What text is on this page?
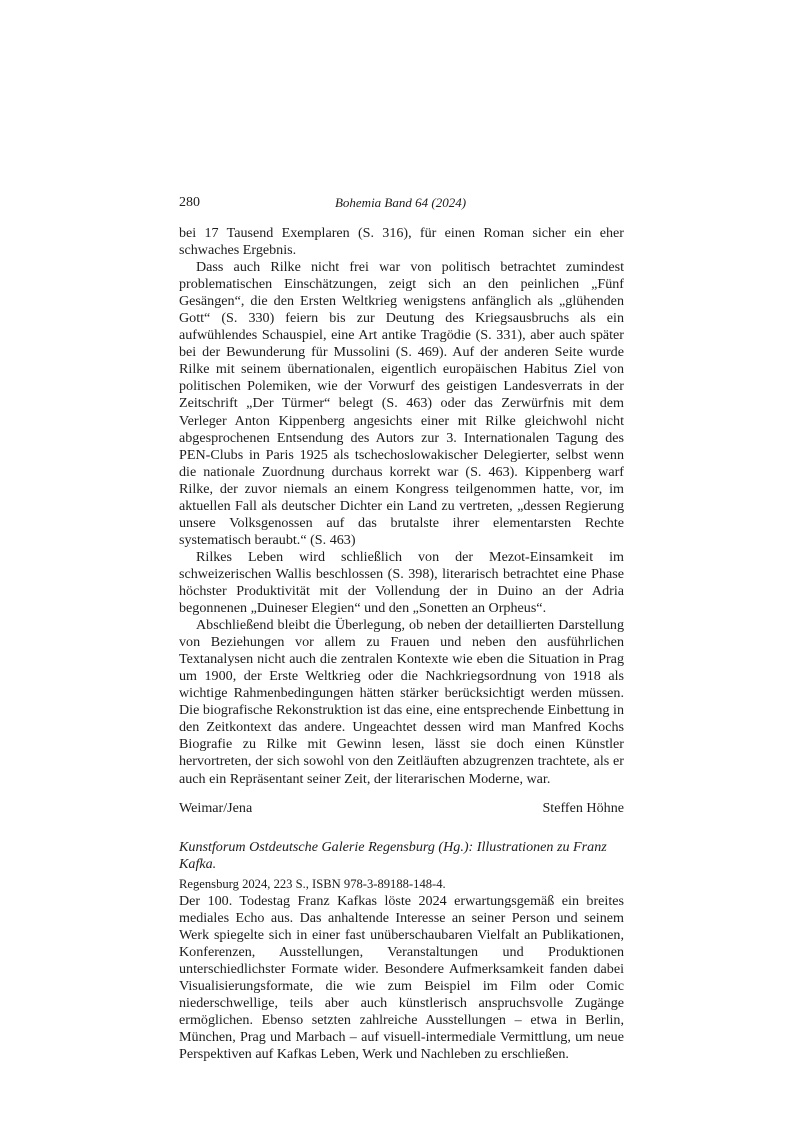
280	Bohemia Band 64 (2024)

bei 17 Tausend Exemplaren (S. 316), für einen Roman sicher ein eher schwaches Ergebnis.

Dass auch Rilke nicht frei war von politisch betrachtet zumindest problematischen Einschätzungen, zeigt sich an den peinlichen „Fünf Gesängen“, die den Ersten Weltkrieg wenigstens anfänglich als „glühenden Gott“ (S. 330) feiern bis zur Deutung des Kriegsausbruchs als ein aufwühlendes Schauspiel, eine Art antike Tragödie (S. 331), aber auch später bei der Bewunderung für Mussolini (S. 469). Auf der anderen Seite wurde Rilke mit seinem übernationalen, eigentlich europäischen Habitus Ziel von politischen Polemiken, wie der Vorwurf des geistigen Landesverrats in der Zeitschrift „Der Türmer“ belegt (S. 463) oder das Zerwürfnis mit dem Verleger Anton Kippenberg angesichts einer mit Rilke gleichwohl nicht abgesprochenen Entsendung des Autors zur 3. Internationalen Tagung des PEN-Clubs in Paris 1925 als tschechoslowakischer Delegierter, selbst wenn die nationale Zuordnung durchaus korrekt war (S. 463). Kippenberg warf Rilke, der zuvor niemals an einem Kongress teilgenommen hatte, vor, im aktuellen Fall als deutscher Dichter ein Land zu vertreten, „dessen Regierung unsere Volksgenossen auf das brutalste ihrer elementarsten Rechte systematisch beraubt.“ (S. 463)

Rilkes Leben wird schließlich von der Mezot-Einsamkeit im schweizerischen Wallis beschlossen (S. 398), literarisch betrachtet eine Phase höchster Produktivität mit der Vollendung der in Duino an der Adria begonnenen „Duineser Elegien“ und den „Sonetten an Orpheus“.

Abschließend bleibt die Überlegung, ob neben der detaillierten Darstellung von Beziehungen vor allem zu Frauen und neben den ausführlichen Textanalysen nicht auch die zentralen Kontexte wie eben die Situation in Prag um 1900, der Erste Weltkrieg oder die Nachkriegsordnung von 1918 als wichtige Rahmenbedingungen hätten stärker berücksichtigt werden müssen. Die biografische Rekonstruktion ist das eine, eine entsprechende Einbettung in den Zeitkontext das andere. Ungeachtet dessen wird man Manfred Kochs Biografie zu Rilke mit Gewinn lesen, lässt sie doch einen Künstler hervortreten, der sich sowohl von den Zeitläuften abzugrenzen trachtete, als er auch ein Repräsentant seiner Zeit, der literarischen Moderne, war.

Weimar/Jena	Steffen Höhne
Kunstforum Ostdeutsche Galerie Regensburg (Hg.): Illustrationen zu Franz Kafka.
Regensburg 2024, 223 S., ISBN 978-3-89188-148-4.

Der 100. Todestag Franz Kafkas löste 2024 erwartungsgemäß ein breites mediales Echo aus. Das anhaltende Interesse an seiner Person und seinem Werk spiegelte sich in einer fast unüberschaubaren Vielfalt an Publikationen, Konferenzen, Ausstellungen, Veranstaltungen und Produktionen unterschiedlichster Formate wider. Besondere Aufmerksamkeit fanden dabei Visualisierungsformate, die wie zum Beispiel im Film oder Comic niederschwellige, teils aber auch künstlerisch anspruchsvolle Zugänge ermöglichen. Ebenso setzten zahlreiche Ausstellungen – etwa in Berlin, München, Prag und Marbach – auf visuell-intermediale Vermittlung, um neue Perspektiven auf Kafkas Leben, Werk und Nachleben zu erschließen.
